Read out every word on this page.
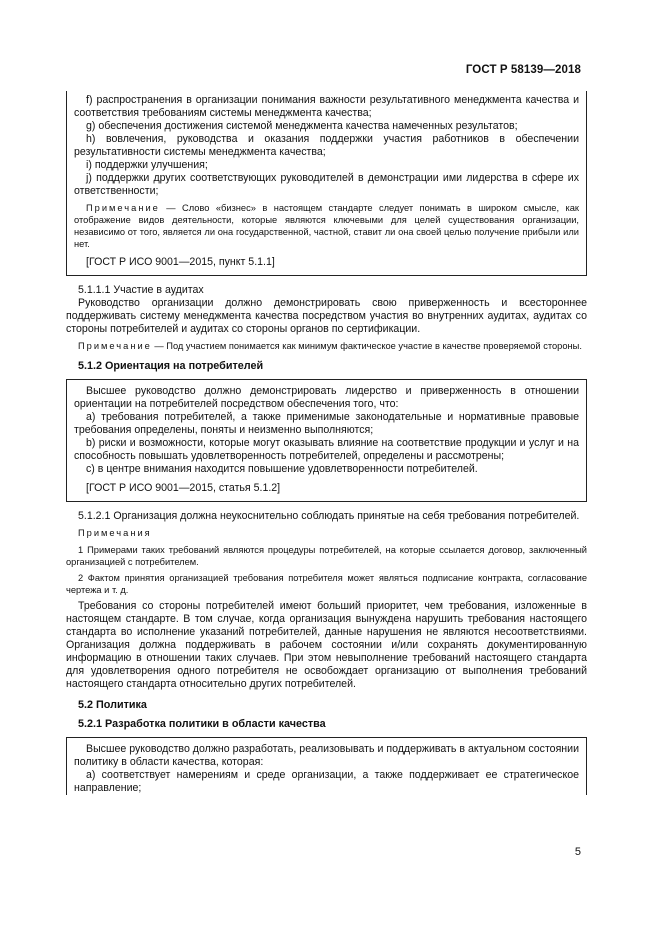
ГОСТ Р 58139—2018

f) распространения в организации понимания важности результативного менеджмента качества и соответствия требованиям системы менеджмента качества;

g) обеспечения достижения системой менеджмента качества намеченных результатов;

h) вовлечения, руководства и оказания поддержки участия работников в обеспечении результативности системы менеджмента качества;

i) поддержки улучшения;

j) поддержки других соответствующих руководителей в демонстрации ими лидерства в сфере их ответственности;

Примечание — Слово «бизнес» в настоящем стандарте следует понимать в широком смысле, как отображение видов деятельности, которые являются ключевыми для целей существования организации, независимо от того, является ли она государственной, частной, ставит ли она своей целью получение прибыли или нет.

[ГОСТ Р ИСО 9001—2015, пункт 5.1.1]

5.1.1.1 Участие в аудитах

Руководство организации должно демонстрировать свою приверженность и всестороннее поддерживать систему менеджмента качества посредством участия во внутренних аудитах, аудитах со стороны потребителей и аудитах со стороны органов по сертификации.

Примечание — Под участием понимается как минимум фактическое участие в качестве проверяемой стороны.

5.1.2 Ориентация на потребителей

Высшее руководство должно демонстрировать лидерство и приверженность в отношении ориентации на потребителей посредством обеспечения того, что:

a) требования потребителей, а также применимые законодательные и нормативные правовые требования определены, поняты и неизменно выполняются;

b) риски и возможности, которые могут оказывать влияние на соответствие продукции и услуг и на способность повышать удовлетворенность потребителей, определены и рассмотрены;

c) в центре внимания находится повышение удовлетворенности потребителей.

[ГОСТ Р ИСО 9001—2015, статья 5.1.2]

5.1.2.1 Организация должна неукоснительно соблюдать принятые на себя требования потребителей.

Примечания

1 Примерами таких требований являются процедуры потребителей, на которые ссылается договор, заключенный организацией с потребителем.

2 Фактом принятия организацией требования потребителя может являться подписание контракта, согласование чертежа и т. д.

Требования со стороны потребителей имеют больший приоритет, чем требования, изложенные в настоящем стандарте. В том случае, когда организация вынуждена нарушить требования настоящего стандарта во исполнение указаний потребителей, данные нарушения не являются несоответствиями. Организация должна поддерживать в рабочем состоянии и/или сохранять документированную информацию в отношении таких случаев. При этом невыполнение требований настоящего стандарта для удовлетворения одного потребителя не освобождает организацию от выполнения требований настоящего стандарта относительно других потребителей.

5.2 Политика
5.2.1 Разработка политики в области качества

Высшее руководство должно разработать, реализовывать и поддерживать в актуальном состоянии политику в области качества, которая:

a) соответствует намерениям и среде организации, а также поддерживает ее стратегическое направление;

5
